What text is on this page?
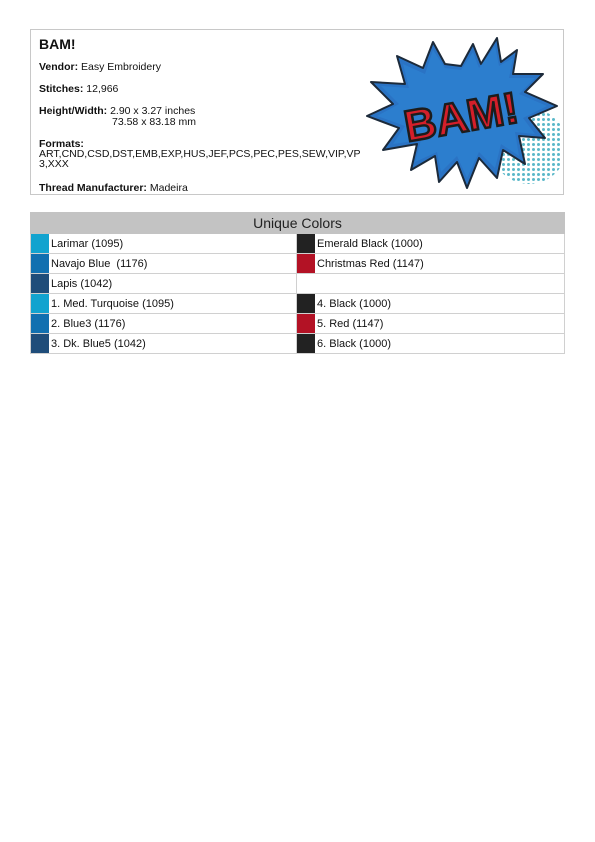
BAM!
Vendor: Easy Embroidery
Stitches: 12,966
Height/Width: 2.90 x 3.27 inches
73.58 x 83.18 mm
Formats:
ART,CND,CSD,DST,EMB,EXP,HUS,JEF,PCS,PEC,PES,SEW,VIP,VP3,XXX
Thread Manufacturer: Madeira
BAM!
Unique Colors
Larimar (1095)	Emerald Black (1000)
Navajo Blue  (1176)	Christmas Red (1147)
Lapis (1042)
1. Med. Turquoise (1095)	4. Black (1000)
2. Blue3 (1176)	5. Red (1147)
3. Dk. Blue5 (1042)	6. Black (1000)
